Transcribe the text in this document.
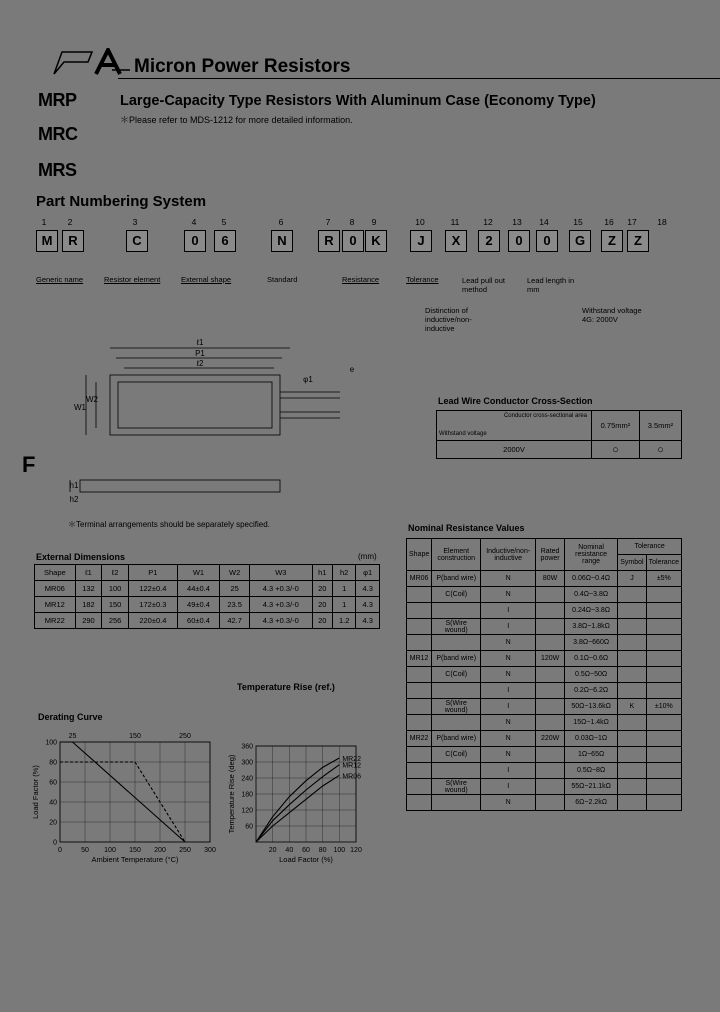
Micron Power Resistors
MRP
MRC
MRS
Large-Capacity Type Resistors With Aluminum Case (Economy Type)
＊Please refer to MDS-1212 for more detailed information.
F
Part Numbering System
1	2	3	4	5	6	7	8	9	10	11	12 13 14	15	16 17 18
M	R	C	0	6	N	R	0	K	J	X	2	0	0	G	Z	Z
Generic name	Resistor element	External shape	Standard	Resistance	Tolerance	Lead pull out method
Lead length in mm
Distinction of inductive/non-inductive
Withstand voltage 4G: 2000V
ℓ1
P1
ℓ2
W1
W2
φ1
e
h1
h2
＊Terminal arrangements should be separately specified.
Lead Wire Conductor Cross-Section
Conductor cross-sectional area
Withstand voltage	0.75mm²	3.5mm²
2000V	○	○
External Dimensions	(mm)
Shape	ℓ1	ℓ2	P1	W1	W2	W3	h1	h2	φ1
MR06	132	100	122±0.4	44±0.4	25	4.3 +0.3/-0	20	1	4.3
MR12	182	150	172±0.3	49±0.4	23.5	4.3 +0.3/-0	20	1	4.3
MR22	290	256	220±0.4	60±0.4	42.7	4.3 +0.3/-0	20	1.2	4.3
Nominal Resistance Values
Shape	Element construction	Inductive/non-inductive	Rated power	Nominal resistance range	Tolerance	
					Symbol	Tolerance
MR06	P(band wire)	N	80W	0.06Ω~0.4Ω	J	±5%
	C(Coil)	N		0.4Ω~3.8Ω		
		I		0.24Ω~3.8Ω		
	S(Wire wound)	I		3.8Ω~1.8kΩ		
		N		3.8Ω~660Ω		
MR12	P(band wire)	N	120W	0.1Ω~0.6Ω		
	C(Coil)	N		0.5Ω~50Ω		
		I		0.2Ω~6.2Ω		
	S(Wire wound)	I		50Ω~13.6kΩ	K	±10%
		N		15Ω~1.4kΩ		
MR22	P(band wire)	N	220W	0.03Ω~1Ω		
	C(Coil)	N		1Ω~65Ω		
		I		0.5Ω~8Ω		
	S(Wire wound)	I		55Ω~21.1kΩ		
		N		6Ω~2.2kΩ		
Derating Curve
Temperature Rise (ref.)
0	50 100 150 200 250 300
0
20
40
60
80
100
Ambient Temperature (°C)
Load Factor (%)
25	150	250
20 40 60 80 100 120
60
120
180
240
300
360
MR22
MR12
MR06
Load Factor (%)
Temperature Rise (deg)
